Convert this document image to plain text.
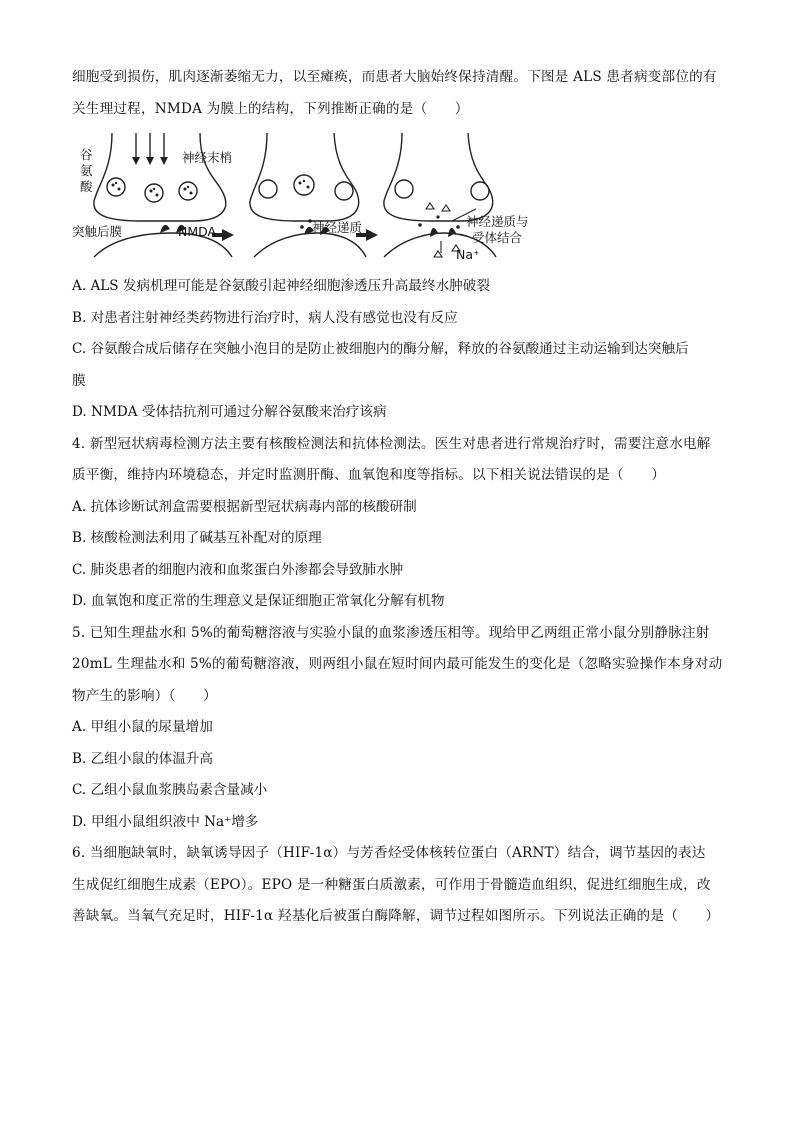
细胞受到损伤，肌肉逐渐萎缩无力，以至瘫痪，而患者大脑始终保持清醒。下图是 ALS 患者病变部位的有

关生理过程，NMDA 为膜上的结构，下列推断正确的是（　　）

谷氨酸
神经末梢
突触后膜	NMDA	神经递质	神经递质与
受体结合
Na⁺

A. ALS 发病机理可能是谷氨酸引起神经细胞渗透压升高最终水肿破裂

B. 对患者注射神经类药物进行治疗时，病人没有感觉也没有反应

C. 谷氨酸合成后储存在突触小泡目的是防止被细胞内的酶分解，释放的谷氨酸通过主动运输到达突触后

膜

D. NMDA 受体拮抗剂可通过分解谷氨酸来治疗该病

4. 新型冠状病毒检测方法主要有核酸检测法和抗体检测法。医生对患者进行常规治疗时，需要注意水电解

质平衡，维持内环境稳态，并定时监测肝酶、血氧饱和度等指标。以下相关说法错误的是（　　）

A. 抗体诊断试剂盒需要根据新型冠状病毒内部的核酸研制

B. 核酸检测法利用了碱基互补配对的原理

C. 肺炎患者的细胞内液和血浆蛋白外渗都会导致肺水肿

D. 血氧饱和度正常的生理意义是保证细胞正常氧化分解有机物

5. 已知生理盐水和 5%的葡萄糖溶液与实验小鼠的血浆渗透压相等。现给甲乙两组正常小鼠分别静脉注射

20mL 生理盐水和 5%的葡萄糖溶液，则两组小鼠在短时间内最可能发生的变化是（忽略实验操作本身对动

物产生的影响）（　　）

A. 甲组小鼠的尿量增加

B. 乙组小鼠的体温升高

C. 乙组小鼠血浆胰岛素含量减小

D. 甲组小鼠组织液中 Na⁺增多

6. 当细胞缺氧时，缺氧诱导因子（HIF-1α）与芳香烃受体核转位蛋白（ARNT）结合，调节基因的表达

生成促红细胞生成素（EPO）。EPO 是一种糖蛋白质激素，可作用于骨髓造血组织，促进红细胞生成，改

善缺氧。当氧气充足时，HIF-1α 羟基化后被蛋白酶降解，调节过程如图所示。下列说法正确的是（　　）
